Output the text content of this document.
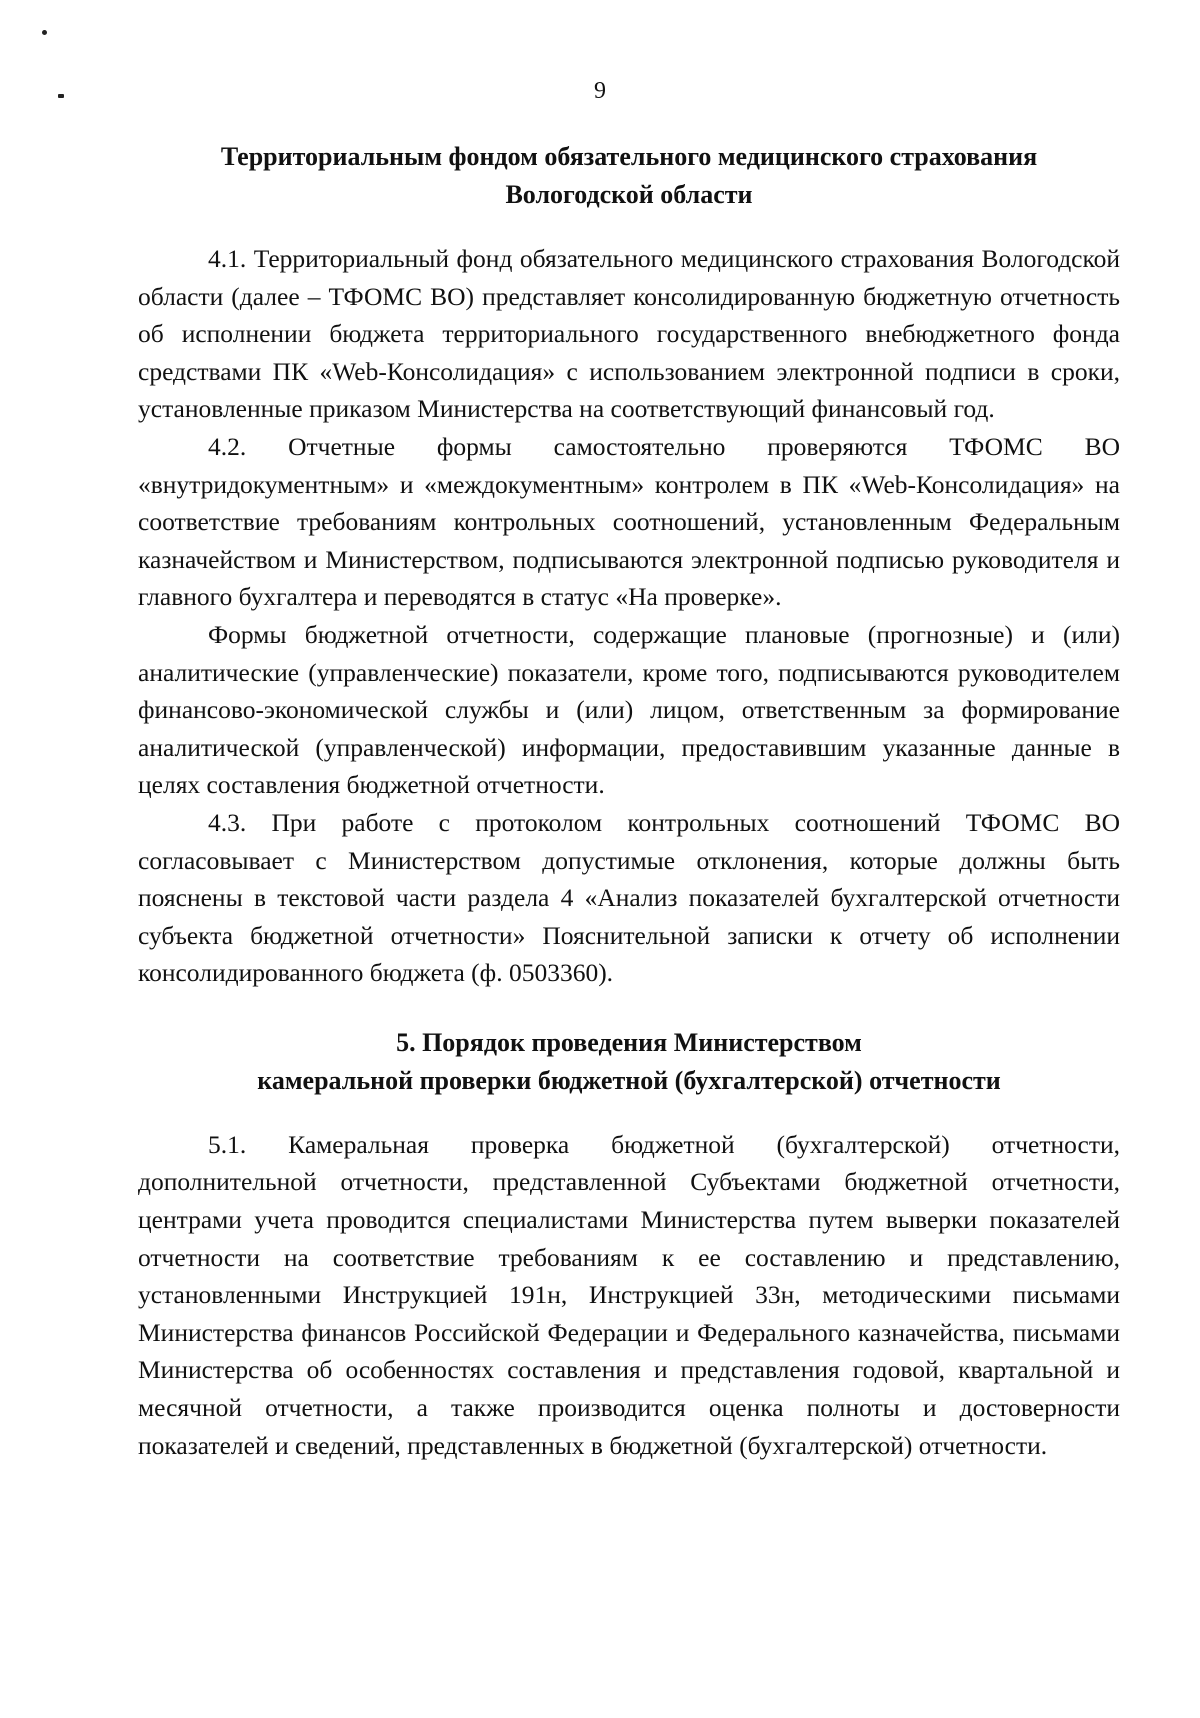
9
Территориальным фондом обязательного медицинского страхования
Вологодской области

4.1. Территориальный фонд обязательного медицинского страхования Вологодской области (далее – ТФОМС ВО) представляет консолидированную бюджетную отчетность об исполнении бюджета территориального государственного внебюджетного фонда средствами ПК «Web-Консолидация» с использованием электронной подписи в сроки, установленные приказом Министерства на соответствующий финансовый год.

4.2. Отчетные формы самостоятельно проверяются ТФОМС ВО «внутридокументным» и «междокументным» контролем в ПК «Web-Консолидация» на соответствие требованиям контрольных соотношений, установленным Федеральным казначейством и Министерством, подписываются электронной подписью руководителя и главного бухгалтера и переводятся в статус «На проверке».

Формы бюджетной отчетности, содержащие плановые (прогнозные) и (или) аналитические (управленческие) показатели, кроме того, подписываются руководителем финансово-экономической службы и (или) лицом, ответственным за формирование аналитической (управленческой) информации, предоставившим указанные данные в целях составления бюджетной отчетности.

4.3. При работе с протоколом контрольных соотношений ТФОМС ВО согласовывает с Министерством допустимые отклонения, которые должны быть пояснены в текстовой части раздела 4 «Анализ показателей бухгалтерской отчетности субъекта бюджетной отчетности» Пояснительной записки к отчету об исполнении консолидированного бюджета (ф. 0503360).

5. Порядок проведения Министерством
камеральной проверки бюджетной (бухгалтерской) отчетности

5.1. Камеральная проверка бюджетной (бухгалтерской) отчетности, дополнительной отчетности, представленной Субъектами бюджетной отчетности, центрами учета проводится специалистами Министерства путем выверки показателей отчетности на соответствие требованиям к ее составлению и представлению, установленными Инструкцией 191н, Инструкцией 33н, методическими письмами Министерства финансов Российской Федерации и Федерального казначейства, письмами Министерства об особенностях составления и представления годовой, квартальной и месячной отчетности, а также производится оценка полноты и достоверности показателей и сведений, представленных в бюджетной (бухгалтерской) отчетности.
